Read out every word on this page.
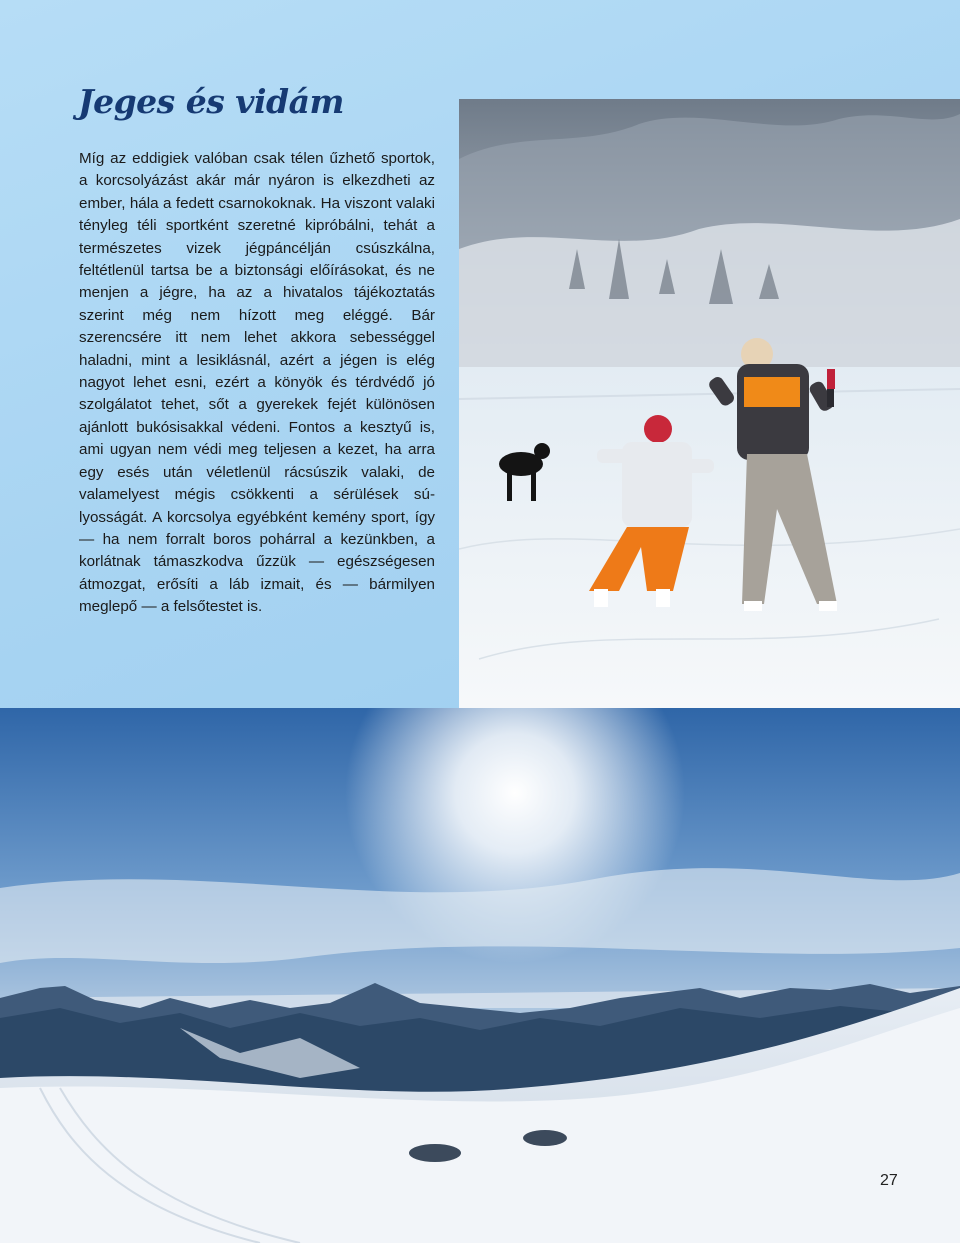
Jeges és vidám

Míg az eddigiek valóban csak télen űzhető sportok, a korcsolyázást akár már nyáron is elkezdheti az ember, hála a fedett csarnokoknak. Ha viszont valaki tényleg téli sportként szeretné kipróbálni, tehát a természetes vizek jégpáncélján csúszkálna, feltétlenül tartsa be a biztonsági előírásokat, és ne menjen a jégre, ha az a hivatalos tájékoztatás szerint még nem hízott meg eléggé. Bár szerencsére itt nem lehet akkora sebességgel haladni, mint a lesiklásnál, azért a jégen is elég nagyot lehet esni, ezért a könyök és térdvédő jó szolgálatot tehet, sőt a gyerekek fejét különösen ajánlott bukósisakkal védeni. Fontos a kesztyű is, ami ugyan nem védi meg teljesen a kezet, ha arra egy esés után véletlenül rácsúszik valaki, de valamelyest mégis csökkenti a sérülések súlyosságát. A korcsolya egyébként kemény sport, így — ha nem forralt boros pohárral a kezünkben, a korlátnak támaszkodva űzzük — egészségesen átmozgat, erősíti a láb izmait, és — bármilyen meglepő — a felsőtestet is.

27
